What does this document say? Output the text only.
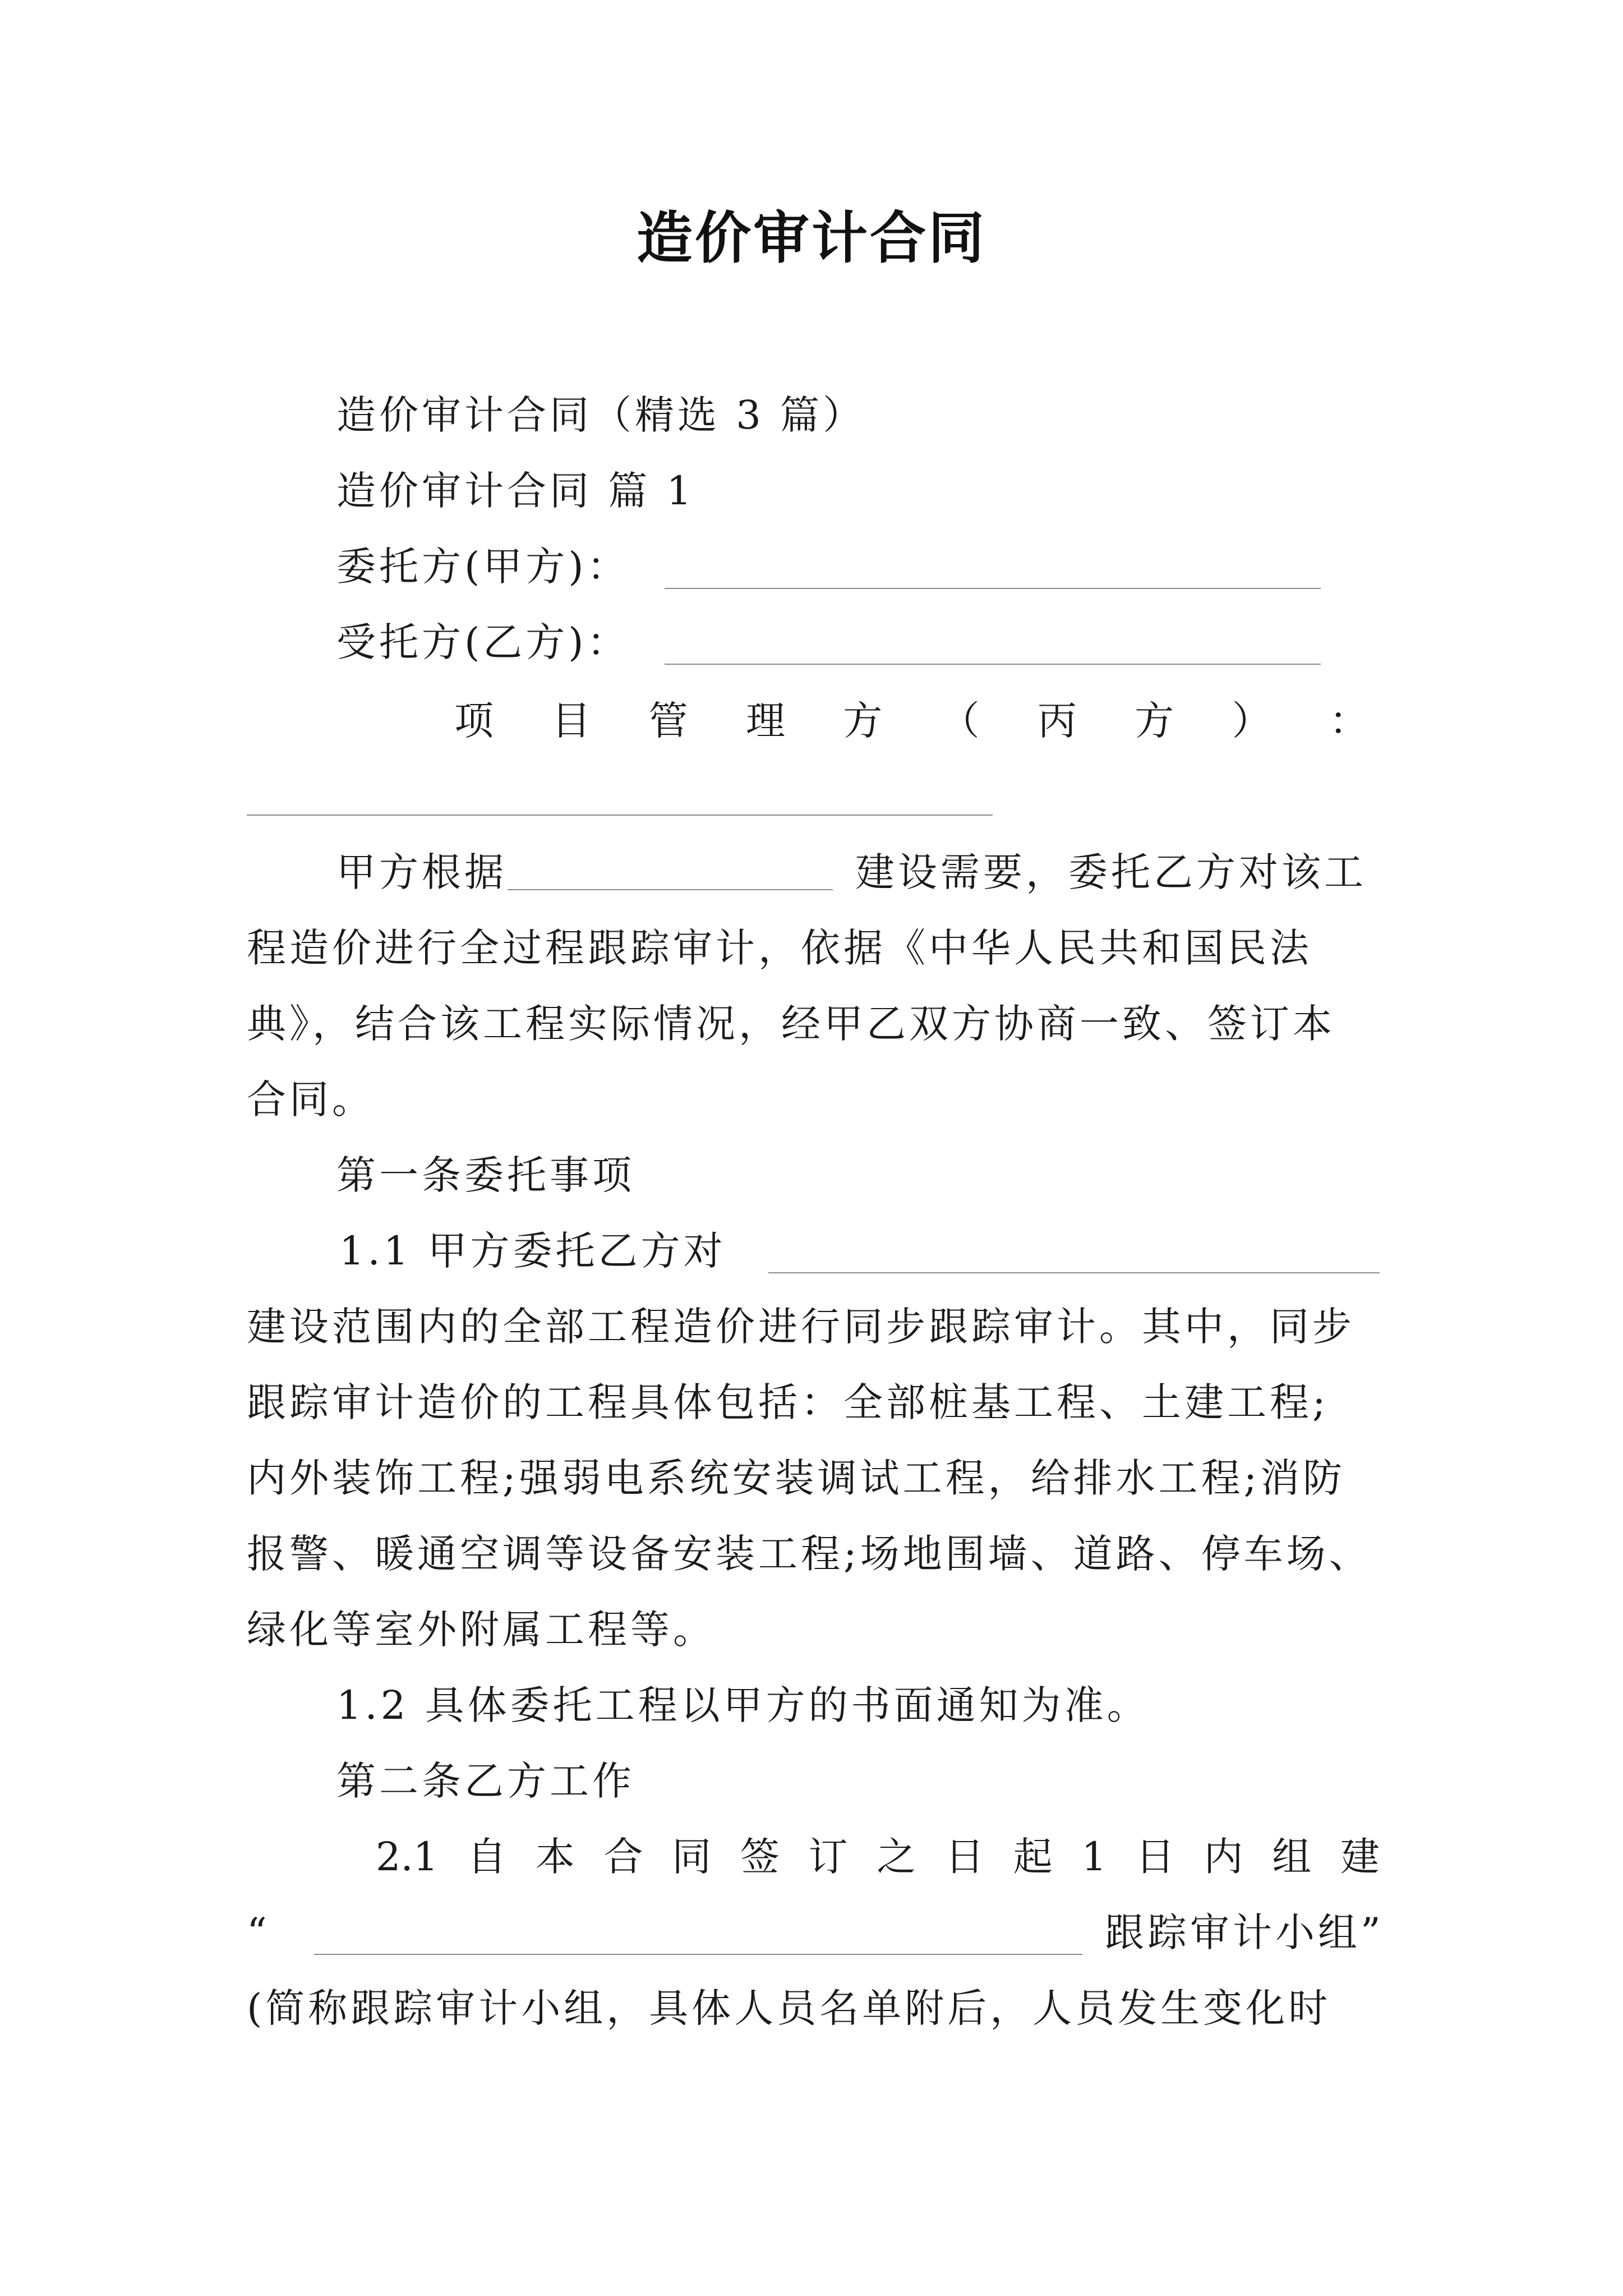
造价审计合同
造价审计合同（精选 3 篇）
造价审计合同 篇 1
委托方(甲方)：
受托方(乙方)：
项 目 管 理 方 （ 丙 方 ） ：
甲方根据	建设需要，委托乙方对该工
程造价进行全过程跟踪审计，依据《中华人民共和国民法
典》，结合该工程实际情况，经甲乙双方协商一致、签订本
合同。
第一条委托事项
1.1 甲方委托乙方对
建设范围内的全部工程造价进行同步跟踪审计。其中，同步
跟踪审计造价的工程具体包括：全部桩基工程、土建工程;
内外装饰工程;强弱电系统安装调试工程，给排水工程;消防
报警、暖通空调等设备安装工程;场地围墙、道路、停车场、
绿化等室外附属工程等。
1.2 具体委托工程以甲方的书面通知为准。
第二条乙方工作
2.1 自 本 合 同 签 订 之 日 起 1 日 内 组 建
“	跟踪审计小组”
(简称跟踪审计小组，具体人员名单附后，人员发生变化时
